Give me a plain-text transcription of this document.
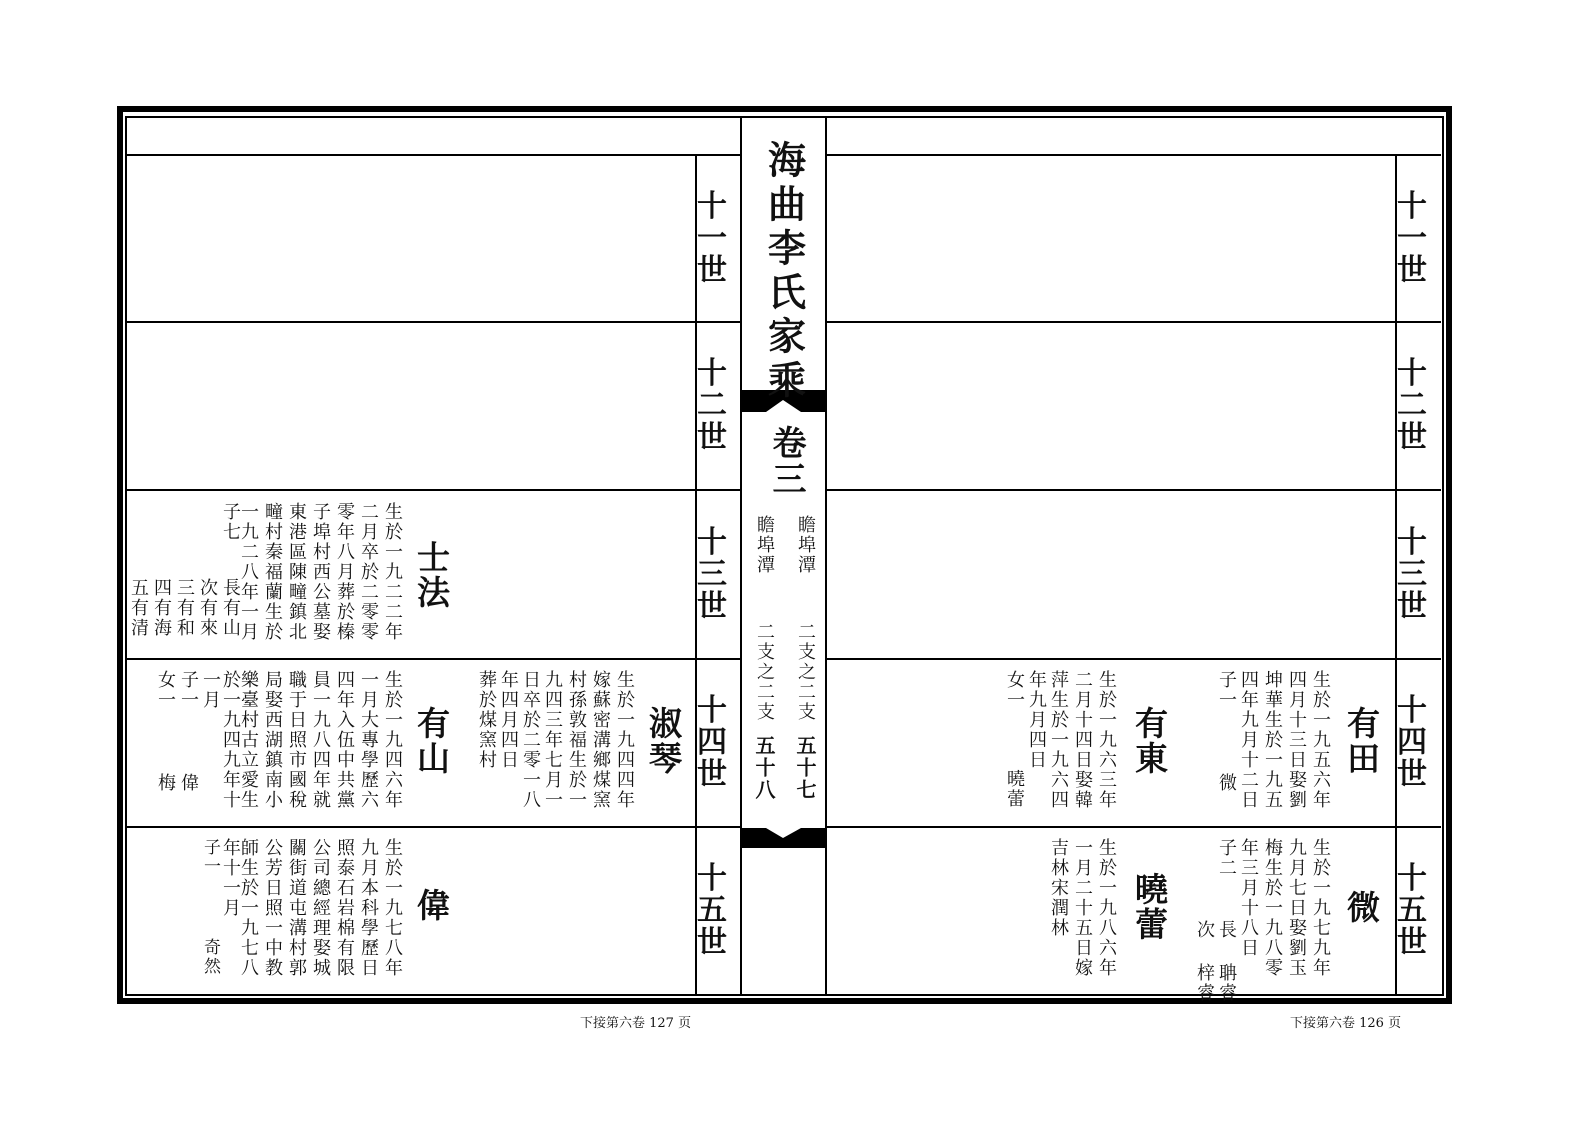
海曲李氏家乘
卷三
瞻埠潭
瞻埠潭
二支之二支
二支之二支
五十七
五十八
十一世
十二世
十三世
十四世
十五世
十一世
十二世
十三世
十四世
十五世
士法
生於一九二二年
二月卒於二零零
零年八月葬於榛
子埠村西公墓娶
東港區陳疃鎮北
疃村秦福蘭生於
一九二八年一月
子七
長有山
次有來
三有和
四有海
五有清
有山
生於一九四六年
一月大專學歷六
四年入伍中共黨
員一九八四年就
職于日照市國稅
局娶西湖鎮南小
樂臺村古立愛生
於一九四九年十
一月
子一 偉
女一 梅	淑琴
生於一九四四年
嫁蘇密溝鄉煤窯
村孫敦福生於一
九四三年七月一
日卒於二零一八
年四月四日
葬於煤窯村
偉
生於一九七八年
九月本科學歷日
照泰石岩棉有限
公司總經理娶城
關街道屯溝村郭
公芳日照一中教
師生於一九七八
年十一月
子一 奇然
有田
生於一九五六年
四月十三日娶劉
坤華生於一九五
四年九月十二日
子一 微
有東
生於一九六三年
二月十四日娶韓
萍生於一九六四
年九月四日
女一 曉蕾
微
生於一九七九年
九月七日娶劉玉
梅生於一九八零
年三月十八日
子二
長 聃睿
次 梓睿
曉蕾
生於一九八六年
一月二十五日嫁
吉林宋潤林
下接第六卷 127 页	下接第六卷 126 页
